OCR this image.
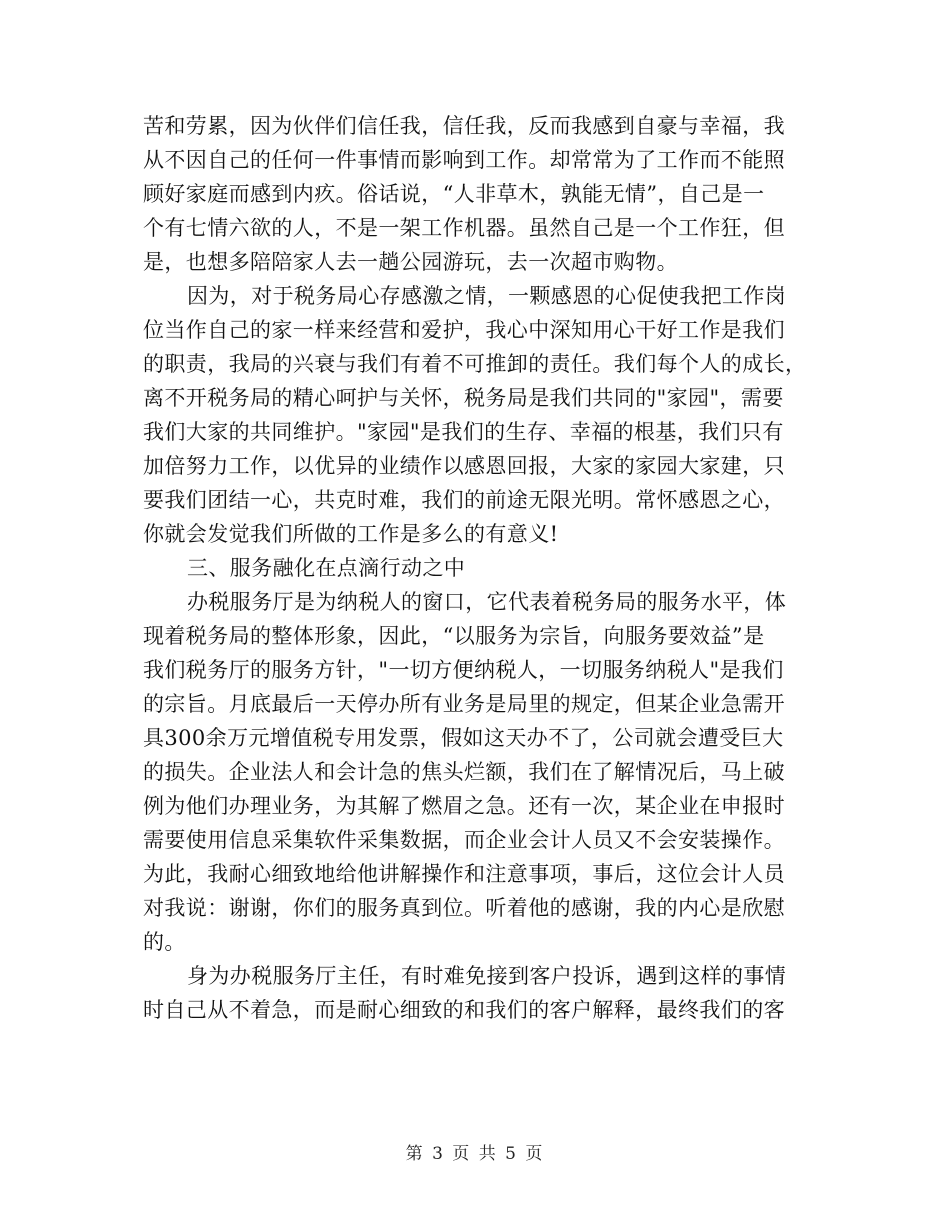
苦和劳累，因为伙伴们信任我，信任我，反而我感到自豪与幸福，我
从不因自己的任何一件事情而影响到工作。却常常为了工作而不能照
顾好家庭而感到内疚。俗话说，“人非草木，孰能无情”，自己是一
个有七情六欲的人，不是一架工作机器。虽然自己是一个工作狂，但
是，也想多陪陪家人去一趟公园游玩，去一次超市购物。
因为，对于税务局心存感激之情，一颗感恩的心促使我把工作岗
位当作自己的家一样来经营和爱护，我心中深知用心干好工作是我们
的职责，我局的兴衰与我们有着不可推卸的责任。我们每个人的成长，
离不开税务局的精心呵护与关怀，税务局是我们共同的"家园"，需要
我们大家的共同维护。"家园"是我们的生存、幸福的根基，我们只有
加倍努力工作，以优异的业绩作以感恩回报，大家的家园大家建，只
要我们团结一心，共克时难，我们的前途无限光明。常怀感恩之心，
你就会发觉我们所做的工作是多么的有意义!
三、服务融化在点滴行动之中
办税服务厅是为纳税人的窗口，它代表着税务局的服务水平，体
现着税务局的整体形象，因此，“以服务为宗旨，向服务要效益”是
我们税务厅的服务方针，"一切方便纳税人，一切服务纳税人"是我们
的宗旨。月底最后一天停办所有业务是局里的规定，但某企业急需开
具300余万元增值税专用发票，假如这天办不了，公司就会遭受巨大
的损失。企业法人和会计急的焦头烂额，我们在了解情况后，马上破
例为他们办理业务，为其解了燃眉之急。还有一次，某企业在申报时
需要使用信息采集软件采集数据，而企业会计人员又不会安装操作。
为此，我耐心细致地给他讲解操作和注意事项，事后，这位会计人员
对我说：谢谢，你们的服务真到位。听着他的感谢，我的内心是欣慰
的。
身为办税服务厅主任，有时难免接到客户投诉，遇到这样的事情
时自己从不着急，而是耐心细致的和我们的客户解释，最终我们的客
第 3 页 共 5 页
